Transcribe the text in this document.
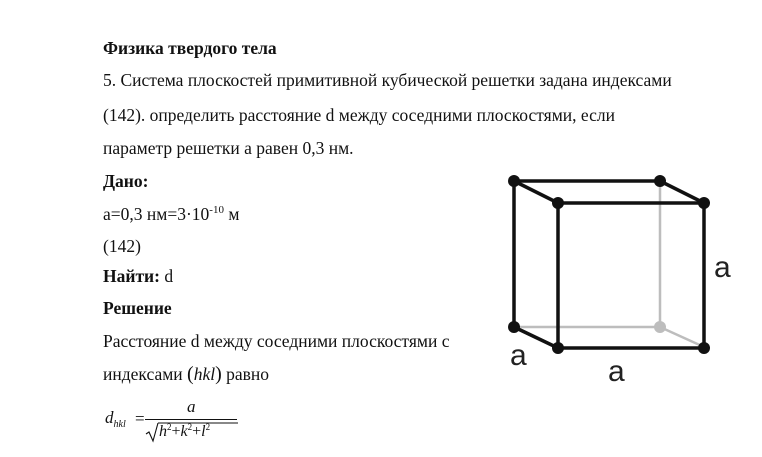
Физика твердого тела
5. Система плоскостей примитивной кубической решетки задана индексами
(142). определить расстояние d между соседними плоскостями, если
параметр решетки а равен 0,3 нм.
Дано:
а=0,3 $нм=3\cdot 10^{-10}$ м
(142)
Найти: d
Решение
Расстояние d между соседними плоскостями с
индексами (hkl) равно
$d_{hkl}$ =
a
$h^2+k^2+l^2$
a
a
a
